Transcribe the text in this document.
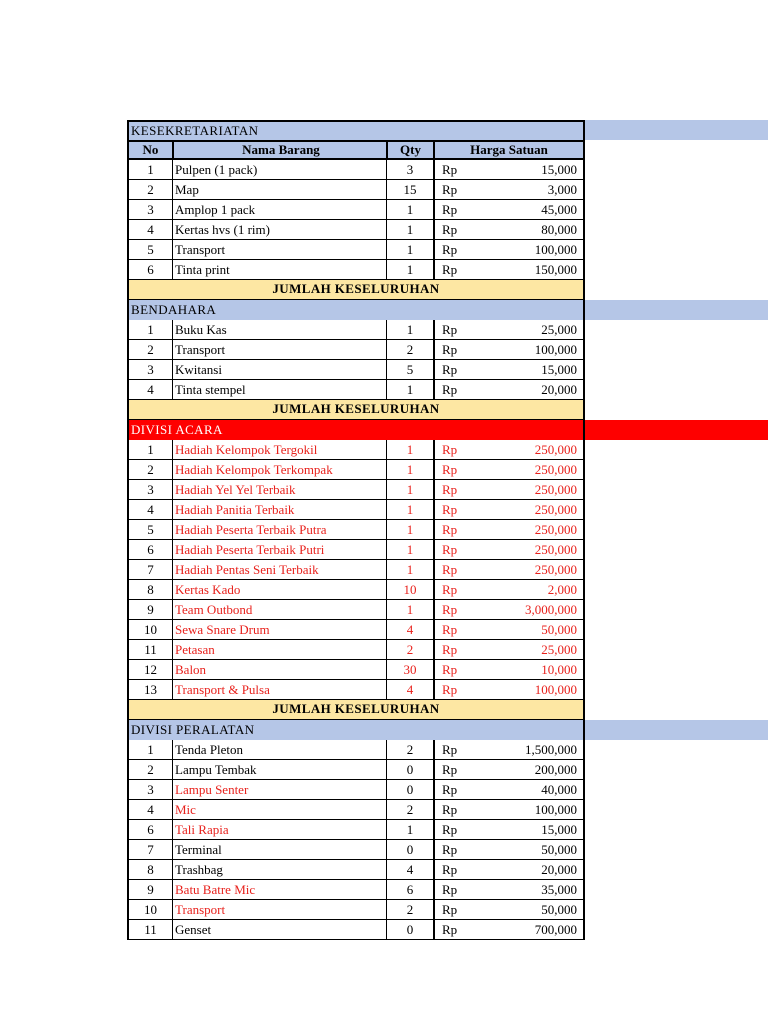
KESEKRETARIATAN
No	Nama Barang	Qty	Harga Satuan
1	Pulpen (1 pack)	3	Rp	15,000
2	Map	15	Rp	3,000
3	Amplop 1 pack	1	Rp	45,000
4	Kertas hvs (1 rim)	1	Rp	80,000
5	Transport	1	Rp	100,000
6	Tinta print	1	Rp	150,000
JUMLAH KESELURUHAN
BENDAHARA
1	Buku Kas	1	Rp	25,000
2	Transport	2	Rp	100,000
3	Kwitansi	5	Rp	15,000
4	Tinta stempel	1	Rp	20,000
JUMLAH KESELURUHAN
DIVISI ACARA
1	Hadiah Kelompok Tergokil	1	Rp	250,000
2	Hadiah Kelompok Terkompak	1	Rp	250,000
3	Hadiah Yel Yel Terbaik	1	Rp	250,000
4	Hadiah Panitia Terbaik	1	Rp	250,000
5	Hadiah Peserta Terbaik Putra	1	Rp	250,000
6	Hadiah Peserta Terbaik Putri	1	Rp	250,000
7	Hadiah Pentas Seni Terbaik	1	Rp	250,000
8	Kertas Kado	10	Rp	2,000
9	Team Outbond	1	Rp	3,000,000
10	Sewa Snare Drum	4	Rp	50,000
11	Petasan	2	Rp	25,000
12	Balon	30	Rp	10,000
13	Transport & Pulsa	4	Rp	100,000
JUMLAH KESELURUHAN
DIVISI PERALATAN
1	Tenda Pleton	2	Rp	1,500,000
2	Lampu Tembak	0	Rp	200,000
3	Lampu Senter	0	Rp	40,000
4	Mic	2	Rp	100,000
6	Tali Rapia	1	Rp	15,000
7	Terminal	0	Rp	50,000
8	Trashbag	4	Rp	20,000
9	Batu Batre Mic	6	Rp	35,000
10	Transport	2	Rp	50,000
11	Genset	0	Rp	700,000
